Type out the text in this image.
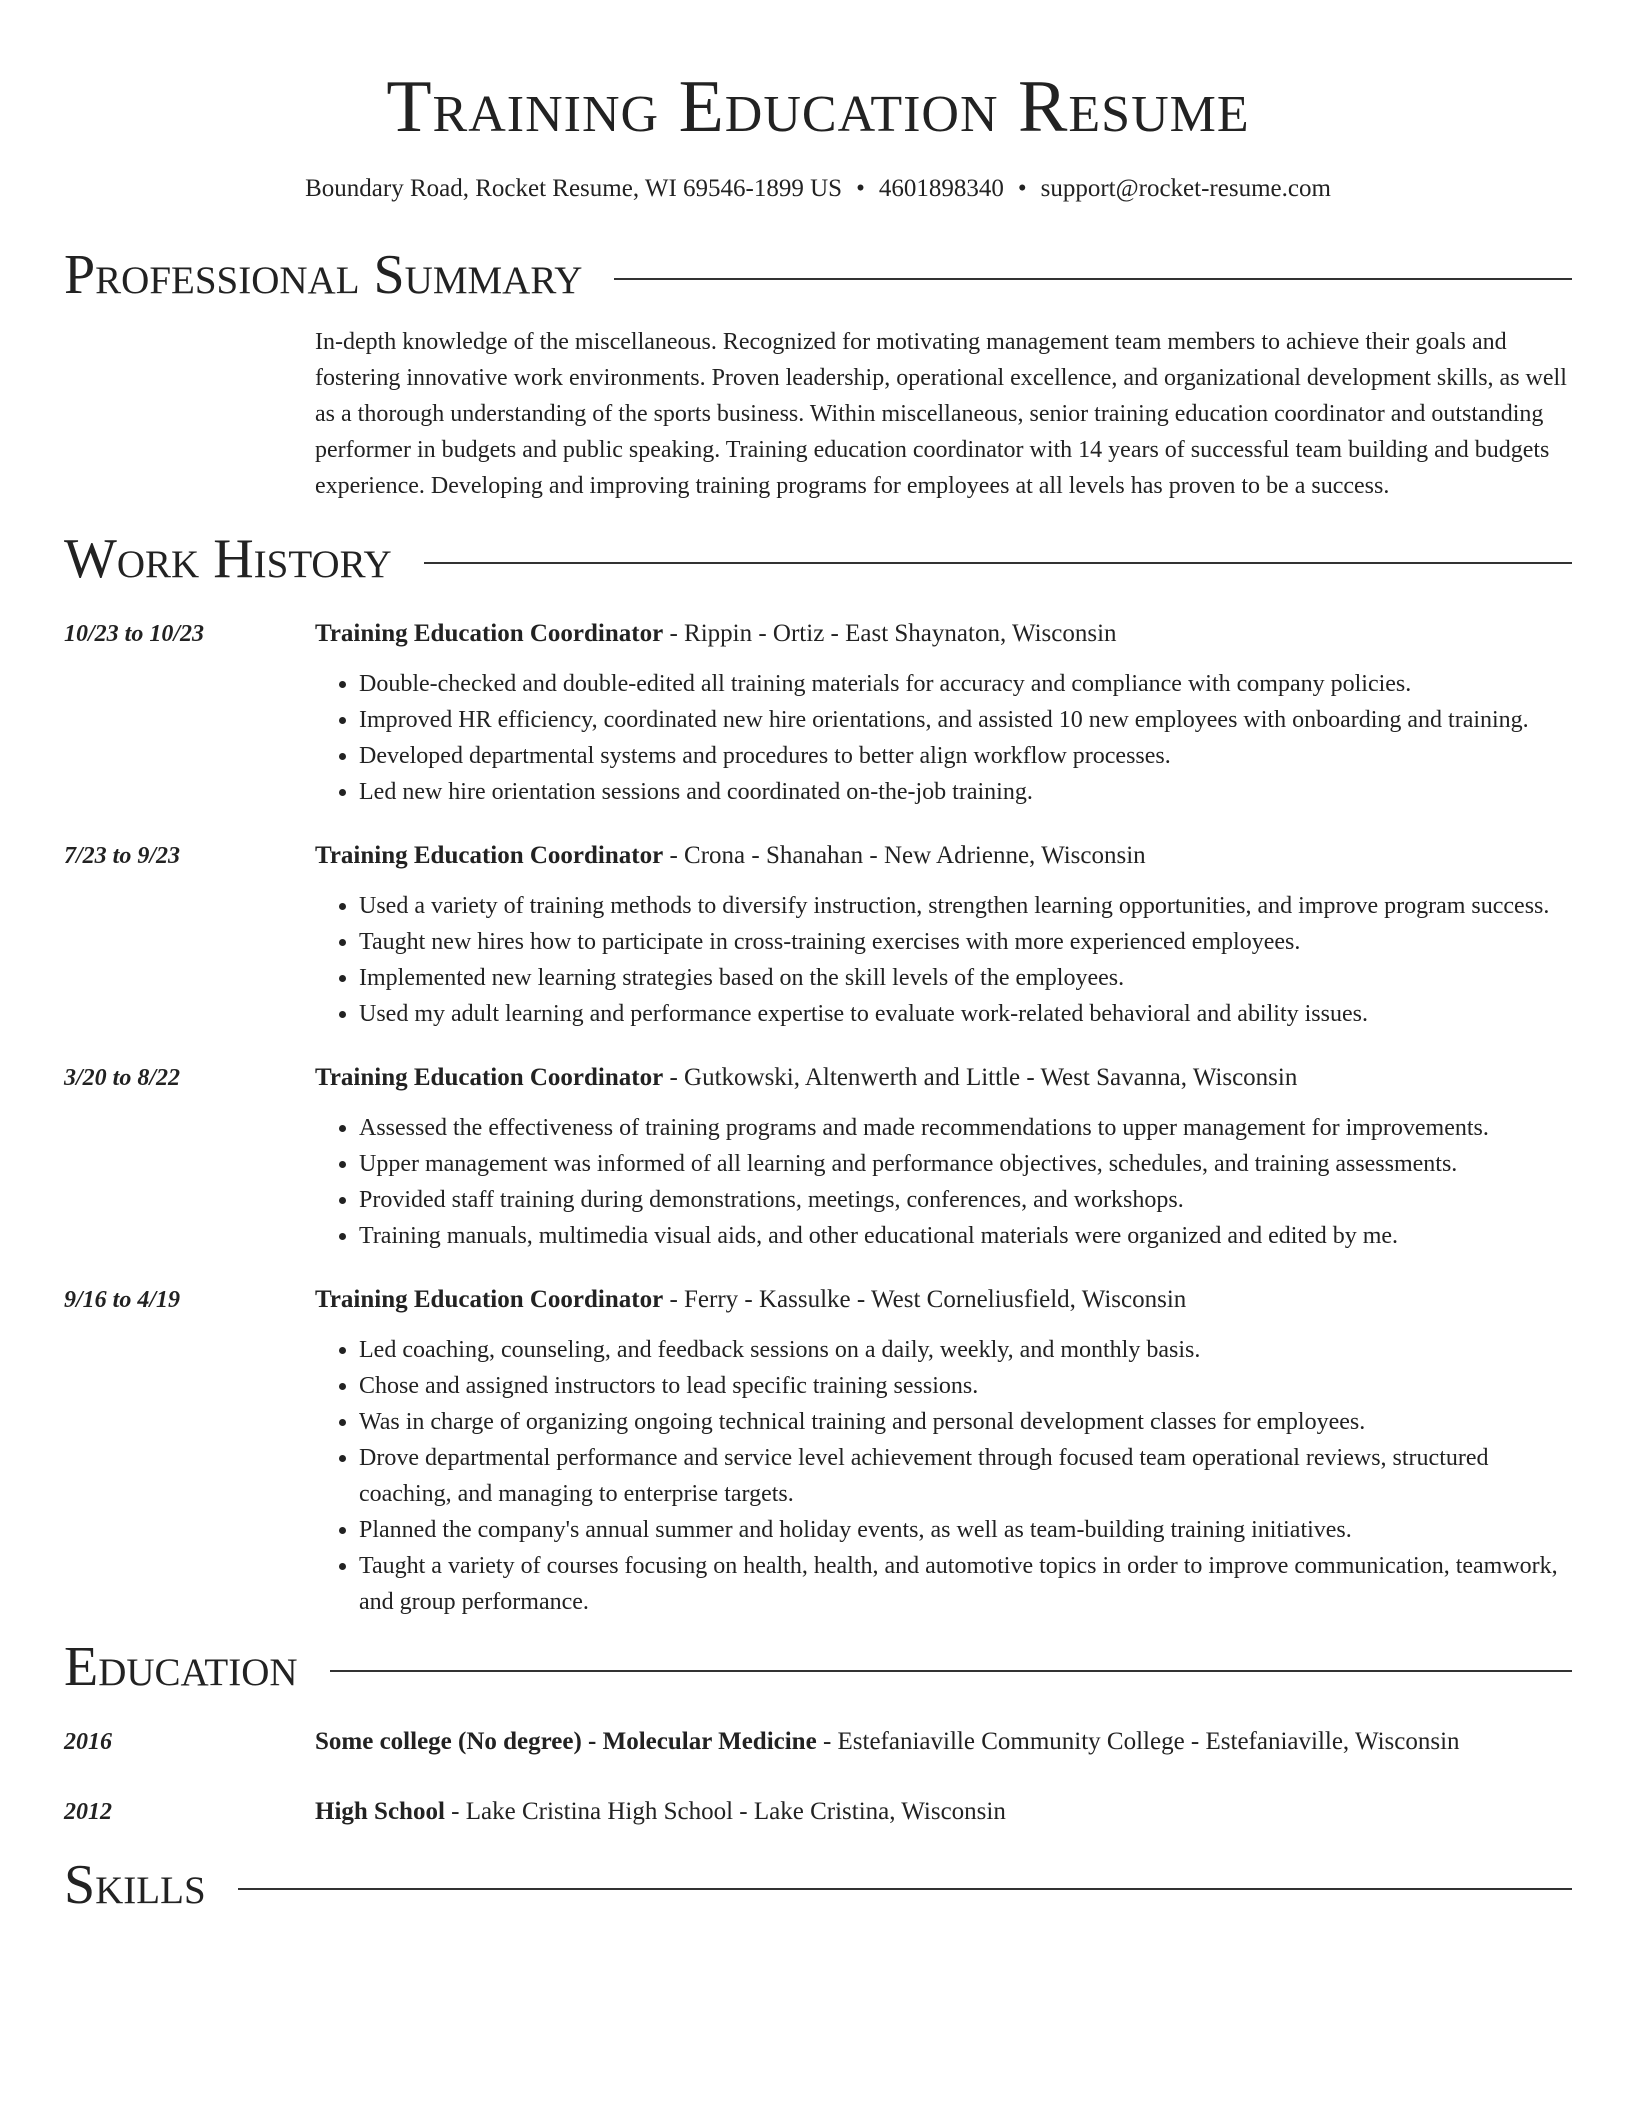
Training Education Resume
Boundary Road, Rocket Resume, WI 69546-1899 US • 4601898340 • support@rocket-resume.com
Professional Summary
In-depth knowledge of the miscellaneous. Recognized for motivating management team members to achieve their goals and fostering innovative work environments. Proven leadership, operational excellence, and organizational development skills, as well as a thorough understanding of the sports business. Within miscellaneous, senior training education coordinator and outstanding performer in budgets and public speaking. Training education coordinator with 14 years of successful team building and budgets experience. Developing and improving training programs for employees at all levels has proven to be a success.
Work History
10/23 to 10/23	Training Education Coordinator - Rippin - Ortiz - East Shaynaton, Wisconsin
• Double-checked and double-edited all training materials for accuracy and compliance with company policies.
• Improved HR efficiency, coordinated new hire orientations, and assisted 10 new employees with onboarding and training.
• Developed departmental systems and procedures to better align workflow processes.
• Led new hire orientation sessions and coordinated on-the-job training.
7/23 to 9/23	Training Education Coordinator - Crona - Shanahan - New Adrienne, Wisconsin
• Used a variety of training methods to diversify instruction, strengthen learning opportunities, and improve program success.
• Taught new hires how to participate in cross-training exercises with more experienced employees.
• Implemented new learning strategies based on the skill levels of the employees.
• Used my adult learning and performance expertise to evaluate work-related behavioral and ability issues.
3/20 to 8/22	Training Education Coordinator - Gutkowski, Altenwerth and Little - West Savanna, Wisconsin
• Assessed the effectiveness of training programs and made recommendations to upper management for improvements.
• Upper management was informed of all learning and performance objectives, schedules, and training assessments.
• Provided staff training during demonstrations, meetings, conferences, and workshops.
• Training manuals, multimedia visual aids, and other educational materials were organized and edited by me.
9/16 to 4/19	Training Education Coordinator - Ferry - Kassulke - West Corneliusfield, Wisconsin
• Led coaching, counseling, and feedback sessions on a daily, weekly, and monthly basis.
• Chose and assigned instructors to lead specific training sessions.
• Was in charge of organizing ongoing technical training and personal development classes for employees.
• Drove departmental performance and service level achievement through focused team operational reviews, structured coaching, and managing to enterprise targets.
• Planned the company's annual summer and holiday events, as well as team-building training initiatives.
• Taught a variety of courses focusing on health, health, and automotive topics in order to improve communication, teamwork, and group performance.
Education
2016	Some college (No degree) - Molecular Medicine - Estefaniaville Community College - Estefaniaville, Wisconsin
2012	High School - Lake Cristina High School - Lake Cristina, Wisconsin
Skills
